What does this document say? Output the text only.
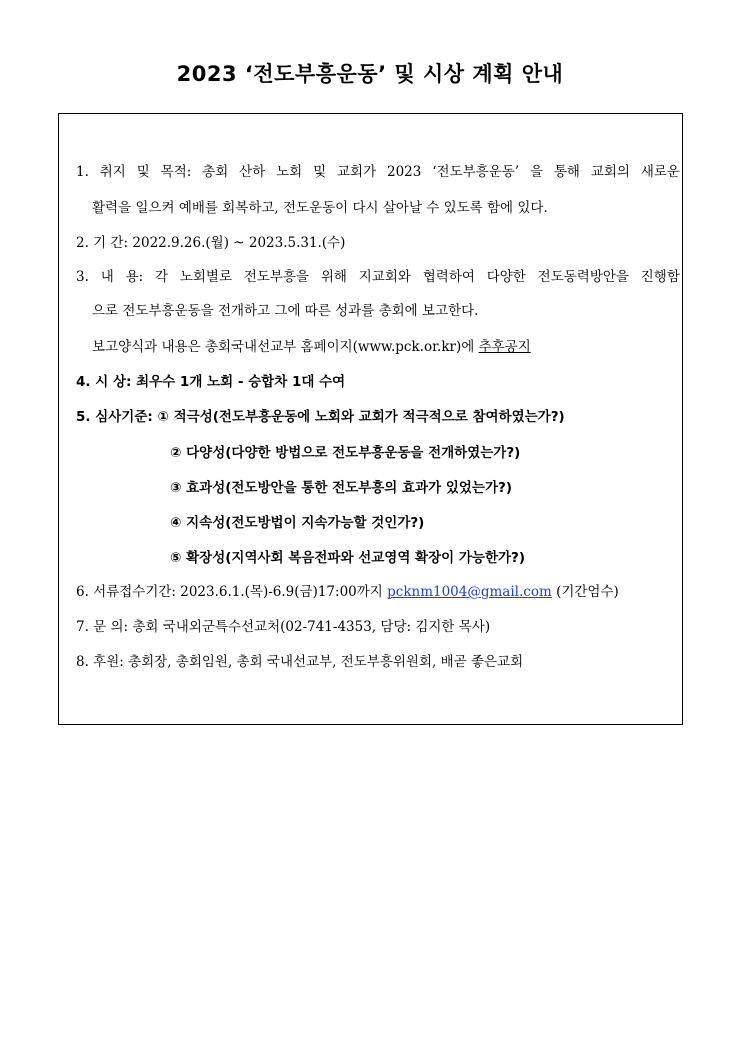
2023 ‘전도부흥운동’ 및 시상 계획 안내
1. 취지 및 목적: 총회 산하 노회 및 교회가 2023 ‘전도부흥운동’ 을 통해 교회의 새로운
활력을 일으켜 예배를 회복하고, 전도운동이 다시 살아날 수 있도록 함에 있다.
2. 기 간: 2022.9.26.(월) ~ 2023.5.31.(수)
3. 내 용: 각 노회별로 전도부흥을 위해 지교회와 협력하여 다양한 전도동력방안을 진행함
으로 전도부흥운동을 전개하고 그에 따른 성과를 총회에 보고한다.
보고양식과 내용은 총회국내선교부 홈페이지(www.pck.or.kr)에 추후공지
4. 시 상: 최우수 1개 노회 - 승합차 1대 수여
5. 심사기준: ① 적극성(전도부흥운동에 노회와 교회가 적극적으로 참여하였는가?)
② 다양성(다양한 방법으로 전도부흥운동을 전개하였는가?)
③ 효과성(전도방안을 통한 전도부흥의 효과가 있었는가?)
④ 지속성(전도방법이 지속가능할 것인가?)
⑤ 확장성(지역사회 복음전파와 선교영역 확장이 가능한가?)
6. 서류접수기간: 2023.6.1.(목)-6.9(금)17:00까지 pcknm1004@gmail.com (기간엄수)
7. 문 의: 총회 국내외군특수선교처(02-741-4353, 담당: 김지한 목사)
8. 후원: 총회장, 총회임원, 총회 국내선교부, 전도부흥위원회, 배곧 좋은교회
